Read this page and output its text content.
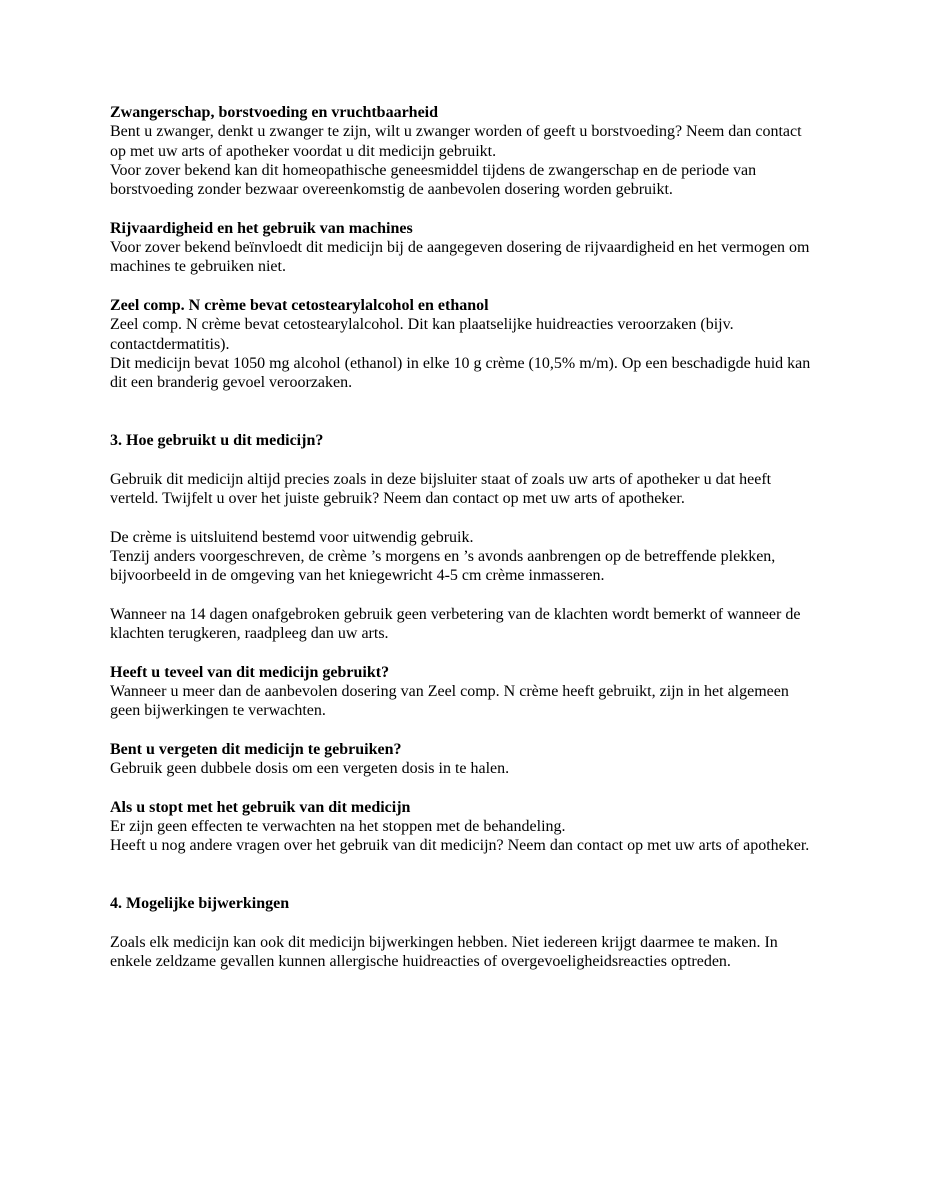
Zwangerschap, borstvoeding en vruchtbaarheid
Bent u zwanger, denkt u zwanger te zijn, wilt u zwanger worden of geeft u borstvoeding? Neem dan contact op met uw arts of apotheker voordat u dit medicijn gebruikt.
Voor zover bekend kan dit homeopathische geneesmiddel tijdens de zwangerschap en de periode van borstvoeding zonder bezwaar overeenkomstig de aanbevolen dosering worden gebruikt.
Rijvaardigheid en het gebruik van machines
Voor zover bekend beïnvloedt dit medicijn bij de aangegeven dosering de rijvaardigheid en het vermogen om machines te gebruiken niet.
Zeel comp. N crème bevat cetostearylalcohol en ethanol
Zeel comp. N crème bevat cetostearylalcohol. Dit kan plaatselijke huidreacties veroorzaken (bijv. contactdermatitis).
Dit medicijn bevat 1050 mg alcohol (ethanol) in elke 10 g crème (10,5% m/m). Op een beschadigde huid kan dit een branderig gevoel veroorzaken.
3. Hoe gebruikt u dit medicijn?
Gebruik dit medicijn altijd precies zoals in deze bijsluiter staat of zoals uw arts of apotheker u dat heeft verteld. Twijfelt u over het juiste gebruik? Neem dan contact op met uw arts of apotheker.
De crème is uitsluitend bestemd voor uitwendig gebruik.
Tenzij anders voorgeschreven, de crème ’s morgens en ’s avonds aanbrengen op de betreffende plekken, bijvoorbeeld in de omgeving van het kniegewricht 4-5 cm crème inmasseren.
Wanneer na 14 dagen onafgebroken gebruik geen verbetering van de klachten wordt bemerkt of wanneer de klachten terugkeren, raadpleeg dan uw arts.
Heeft u teveel van dit medicijn gebruikt?
Wanneer u meer dan de aanbevolen dosering van Zeel comp. N crème heeft gebruikt, zijn in het algemeen geen bijwerkingen te verwachten.
Bent u vergeten dit medicijn te gebruiken?
Gebruik geen dubbele dosis om een vergeten dosis in te halen.
Als u stopt met het gebruik van dit medicijn
Er zijn geen effecten te verwachten na het stoppen met de behandeling.
Heeft u nog andere vragen over het gebruik van dit medicijn? Neem dan contact op met uw arts of apotheker.
4. Mogelijke bijwerkingen
Zoals elk medicijn kan ook dit medicijn bijwerkingen hebben. Niet iedereen krijgt daarmee te maken. In enkele zeldzame gevallen kunnen allergische huidreacties of overgevoeligheidsreacties optreden.
